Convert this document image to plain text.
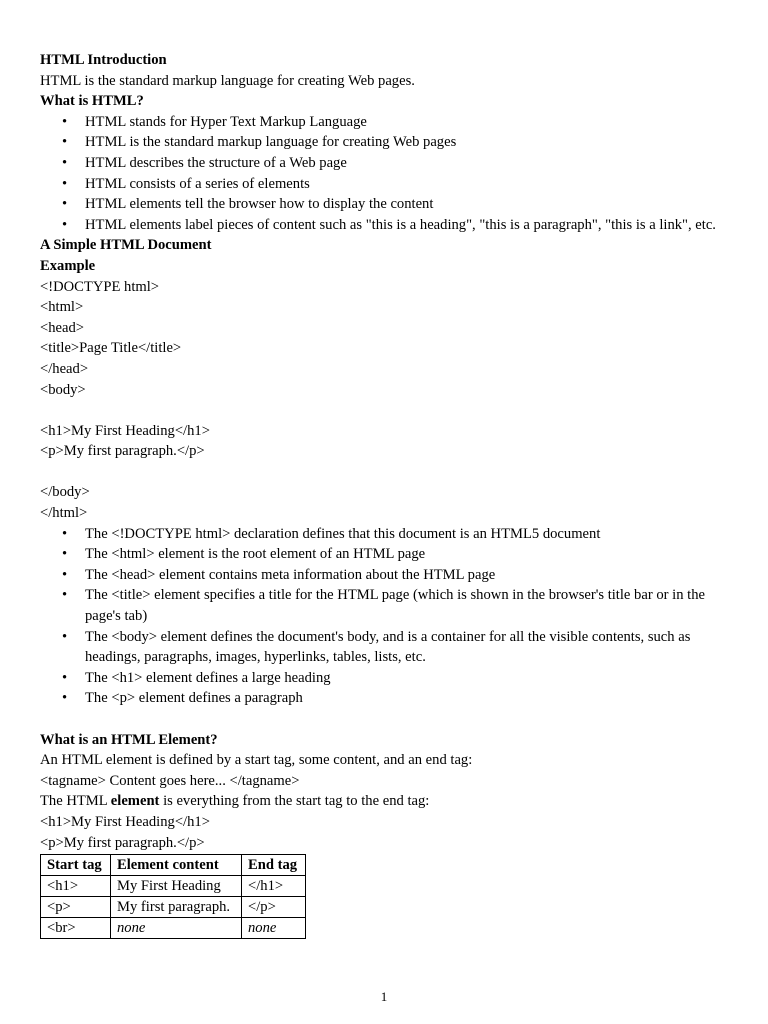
HTML Introduction

HTML is the standard markup language for creating Web pages.

What is HTML?

•	HTML stands for Hyper Text Markup Language
•	HTML is the standard markup language for creating Web pages
•	HTML describes the structure of a Web page
•	HTML consists of a series of elements
•	HTML elements tell the browser how to display the content
•	HTML elements label pieces of content such as "this is a heading", "this is a paragraph", "this is a link", etc.

A Simple HTML Document

Example

<!DOCTYPE html>

<html>

<head>

<title>Page Title</title>

</head>

<body>

<h1>My First Heading</h1>

<p>My first paragraph.</p>

</body>

</html>

•	The <!DOCTYPE html> declaration defines that this document is an HTML5 document
•	The <html> element is the root element of an HTML page
•	The <head> element contains meta information about the HTML page
•	The <title> element specifies a title for the HTML page (which is shown in the browser's title bar or in the page's tab)
•	The <body> element defines the document's body, and is a container for all the visible contents, such as headings, paragraphs, images, hyperlinks, tables, lists, etc.
•	The <h1> element defines a large heading
•	The <p> element defines a paragraph

What is an HTML Element?

An HTML element is defined by a start tag, some content, and an end tag:

<tagname> Content goes here... </tagname>

The HTML element is everything from the start tag to the end tag:

<h1>My First Heading</h1>

<p>My first paragraph.</p>

Start tag	Element content	End tag
<h1>	My First Heading	</h1>
<p>	My first paragraph.	</p>
<br>	none	none
1
